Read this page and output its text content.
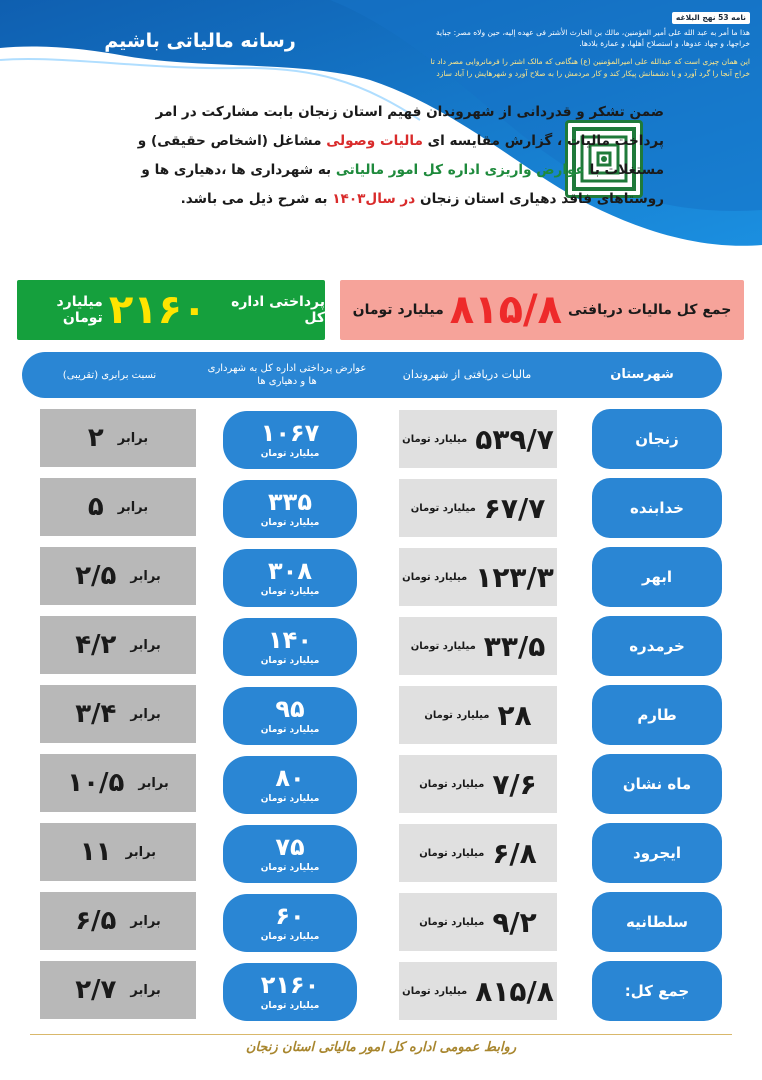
رسانه مالیاتی باشیم
نامه 53 نهج البلاغه
هذا ما أمر به عبد الله علی أمیر المؤمنین، مالك بن الحارث الأشتر فی عهده إلیه، حین ولاه مصر: جبایة خراجها، و جهاد عدوها، و استصلاح أهلها، و عمارة بلادها.
این همان چیزی است که عبدالله علی امیرالمؤمنین (ع) هنگامی که مالک اشتر را فرمانروایی مصر داد تا خراج آنجا را گرد آورد و با دشمنانش پیکار کند و کار مردمش را به صلاح آورد و شهرهایش را آباد سازد
ضمن تشکر و قدردانی از شهروندان فهیم استان زنجان بابت مشارکت در امر پرداخت مالیات ، گزارش مقایسه ای مالیات وصولی مشاغل (اشخاص حقیقی) و مستغلات با عوارض واریزی اداره کل امور مالیاتی به شهرداری ها ،دهیاری ها و روستاهای فاقد دهیاری استان زنجان در سال۱۴۰۳ به شرح ذیل می باشد.
جمع کل مالیات دریافتی
۸۱۵/۸
میلیارد تومان
پرداختی اداره کل
۲۱۶۰
میلیارد تومان
شهرستان
مالیات دریافتی از شهروندان
عوارض پرداختی اداره کل به شهرداری ها و دهیاری ها
نسبت برابری (تقریبی)
زنجان
۵۳۹/۷
میلیارد تومان
۱۰۶۷
میلیارد تومان
برابر
۲
خدابنده
۶۷/۷
میلیارد تومان
۳۳۵
میلیارد تومان
برابر
۵
ابهر
۱۲۳/۳
میلیارد تومان
۳۰۸
میلیارد تومان
برابر
۲/۵
خرمدره
۳۳/۵
میلیارد تومان
۱۴۰
میلیارد تومان
برابر
۴/۲
طارم
۲۸
میلیارد تومان
۹۵
میلیارد تومان
برابر
۳/۴
ماه نشان
۷/۶
میلیارد تومان
۸۰
میلیارد تومان
برابر
۱۰/۵
ایجرود
۶/۸
میلیارد تومان
۷۵
میلیارد تومان
برابر
۱۱
سلطانیه
۹/۲
میلیارد تومان
۶۰
میلیارد تومان
برابر
۶/۵
جمع کل:
۸۱۵/۸
میلیارد تومان
۲۱۶۰
میلیارد تومان
برابر
۲/۷
روابط عمومی اداره کل امور مالیاتی استان زنجان
